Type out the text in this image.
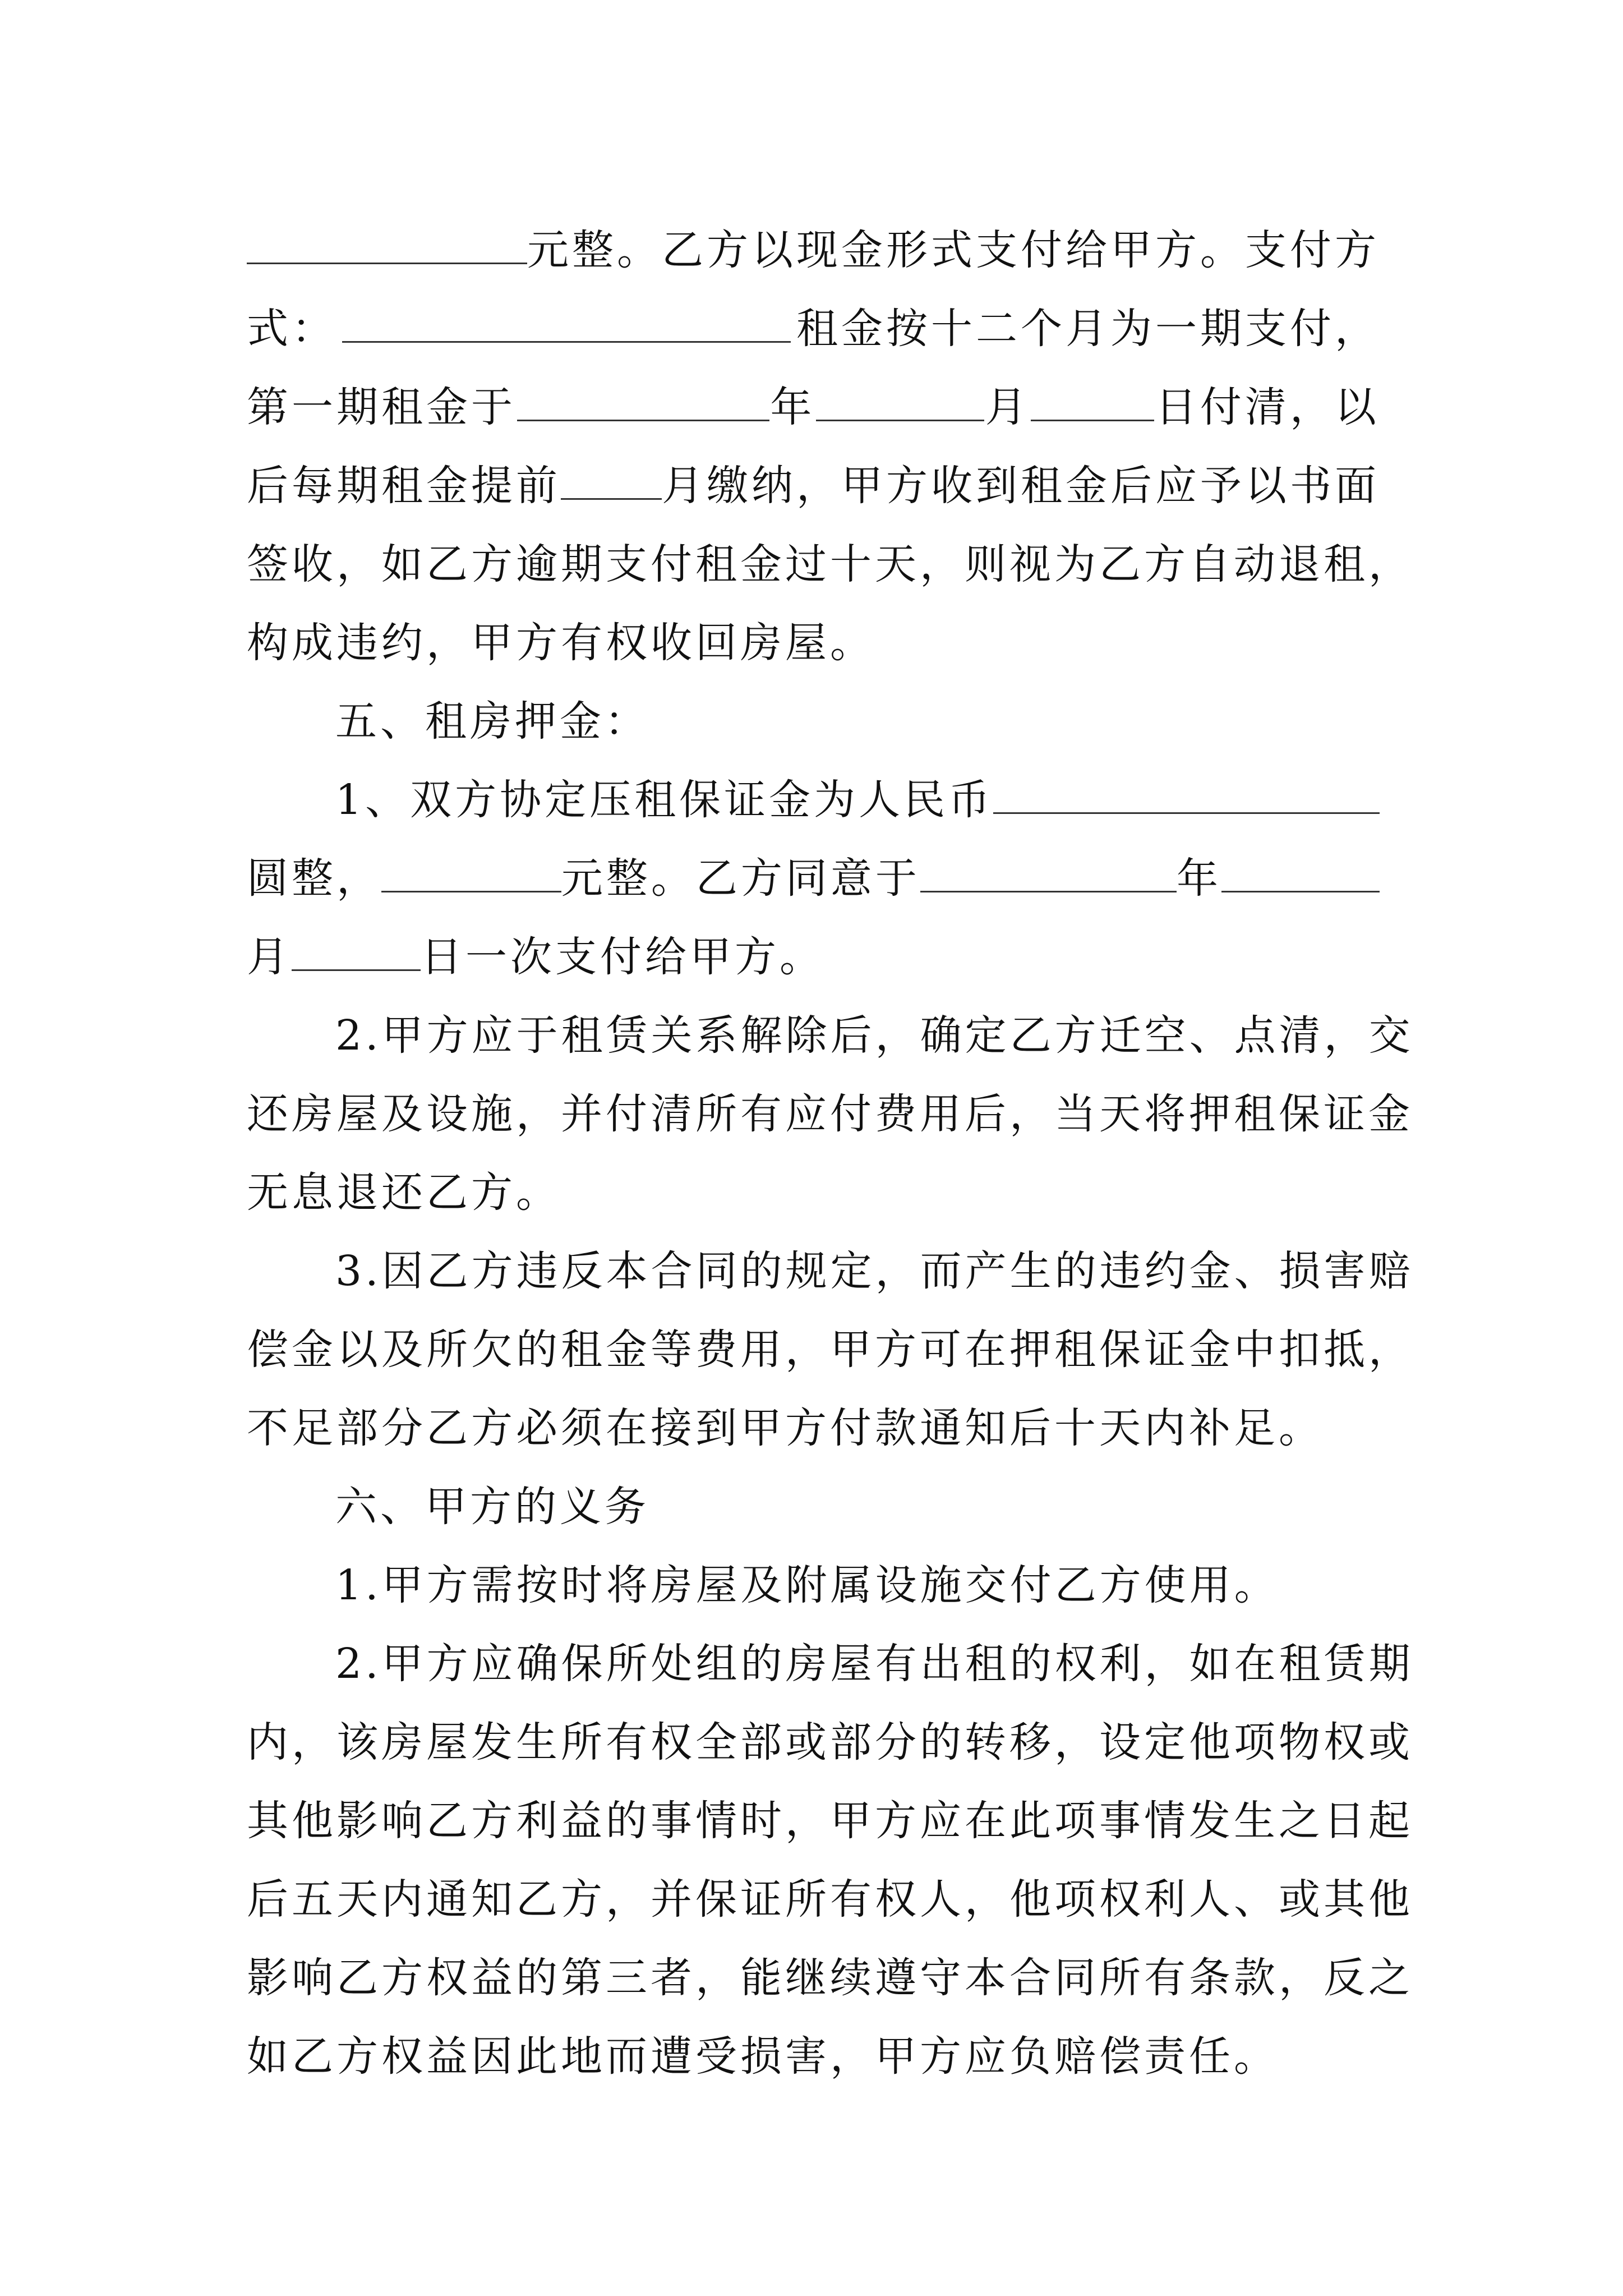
元整。乙方以现金形式支付给甲方。支付方
式：	租金按十二个月为一期支付，
第一期租金于	年	月	日付清，以
后每期租金提前 月缴纳，甲方收到租金后应予以书面
签收，如乙方逾期支付租金过十天，则视为乙方自动退租，
构成违约，甲方有权收回房屋。
五、租房押金：
1、双方协定压租保证金为人民币
圆整，	元整。乙方同意于	年
月	日一次支付给甲方。
2.甲方应于租赁关系解除后，确定乙方迁空、点清，交
还房屋及设施，并付清所有应付费用后，当天将押租保证金
无息退还乙方。
3.因乙方违反本合同的规定，而产生的违约金、损害赔
偿金以及所欠的租金等费用，甲方可在押租保证金中扣抵，
不足部分乙方必须在接到甲方付款通知后十天内补足。
六、甲方的义务
1.甲方需按时将房屋及附属设施交付乙方使用。
2.甲方应确保所处组的房屋有出租的权利，如在租赁期
内，该房屋发生所有权全部或部分的转移，设定他项物权或
其他影响乙方利益的事情时，甲方应在此项事情发生之日起
后五天内通知乙方，并保证所有权人，他项权利人、或其他
影响乙方权益的第三者，能继续遵守本合同所有条款，反之
如乙方权益因此地而遭受损害，甲方应负赔偿责任。
